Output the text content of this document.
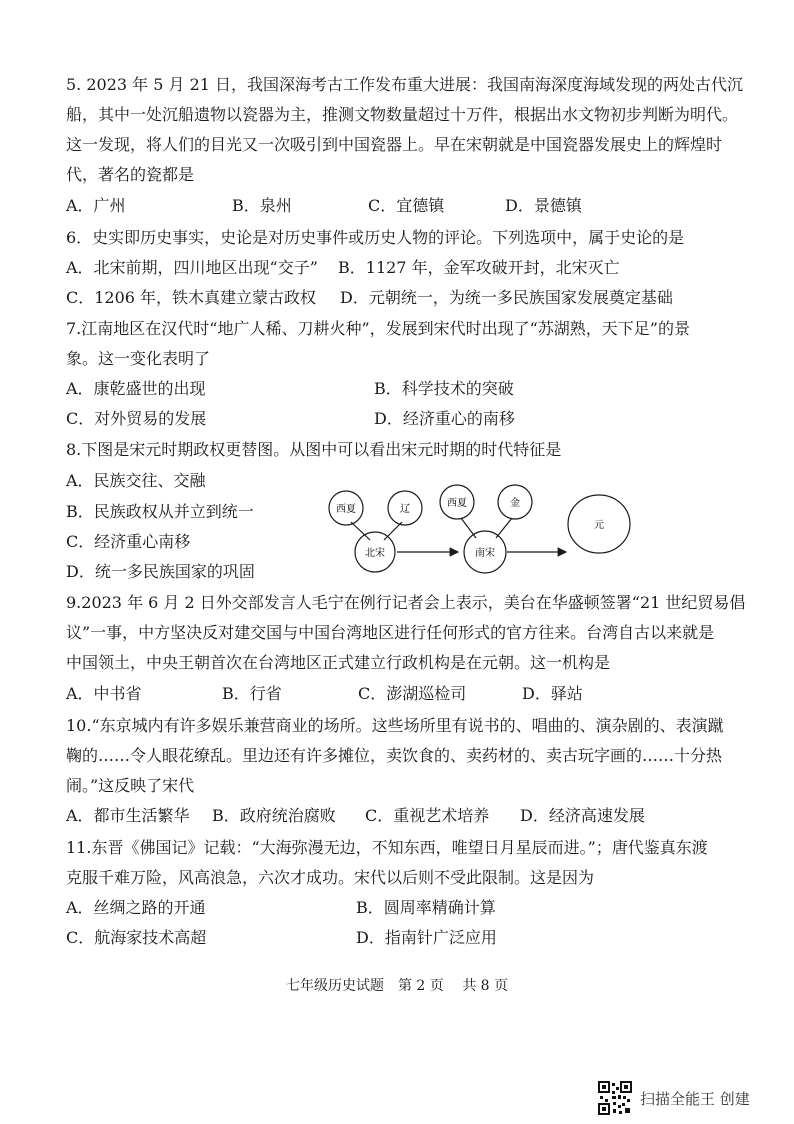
5. 2023 年 5 月 21 日，我国深海考古工作发布重大进展：我国南海深度海域发现的两处古代沉
船，其中一处沉船遗物以瓷器为主，推测文物数量超过十万件，根据出水文物初步判断为明代。
这一发现，将人们的目光又一次吸引到中国瓷器上。早在宋朝就是中国瓷器发展史上的辉煌时
代，著名的瓷都是
A．广州	B．泉州	C．宜德镇	D．景德镇
6．史实即历史事实，史论是对历史事件或历史人物的评论。下列选项中，属于史论的是
A．北宋前期，四川地区出现“交子” B．1127 年，金军攻破开封，北宋灭亡
C．1206 年，铁木真建立蒙古政权 D．元朝统一，为统一多民族国家发展奠定基础
7.江南地区在汉代时“地广人稀、刀耕火种”，发展到宋代时出现了“苏湖熟，天下足”的景
象。这一变化表明了
A．康乾盛世的出现	B．科学技术的突破
C．对外贸易的发展	D．经济重心的南移
8.下图是宋元时期政权更替图。从图中可以看出宋元时期的时代特征是
A．民族交往、交融
B．民族政权从并立到统一
C．经济重心南移
D．统一多民族国家的巩固
西夏	辽
北宋
西夏	金
南宋
元
9.2023 年 6 月 2 日外交部发言人毛宁在例行记者会上表示，美台在华盛顿签署“21 世纪贸易倡
议”一事，中方坚决反对建交国与中国台湾地区进行任何形式的官方往来。台湾自古以来就是
中国领土，中央王朝首次在台湾地区正式建立行政机构是在元朝。这一机构是
A．中书省	B．行省	C．澎湖巡检司	D．驿站
10.“东京城内有许多娱乐兼营商业的场所。这些场所里有说书的、唱曲的、演杂剧的、表演蹴
鞠的……令人眼花缭乱。里边还有许多摊位，卖饮食的、卖药材的、卖古玩字画的……十分热
闹。”这反映了宋代
A．都市生活繁华 B．政府统治腐败 C．重视艺术培养 D．经济高速发展
11.东晋《佛国记》记载：“大海弥漫无边，不知东西，唯望日月星辰而进。”；唐代鉴真东渡
克服千难万险，风高浪急，六次才成功。宋代以后则不受此限制。这是因为
A．丝绸之路的开通	B．圆周率精确计算
C．航海家技术高超	D．指南针广泛应用
七年级历史试题　第 2 页　 共 8 页
扫描全能王 创建
